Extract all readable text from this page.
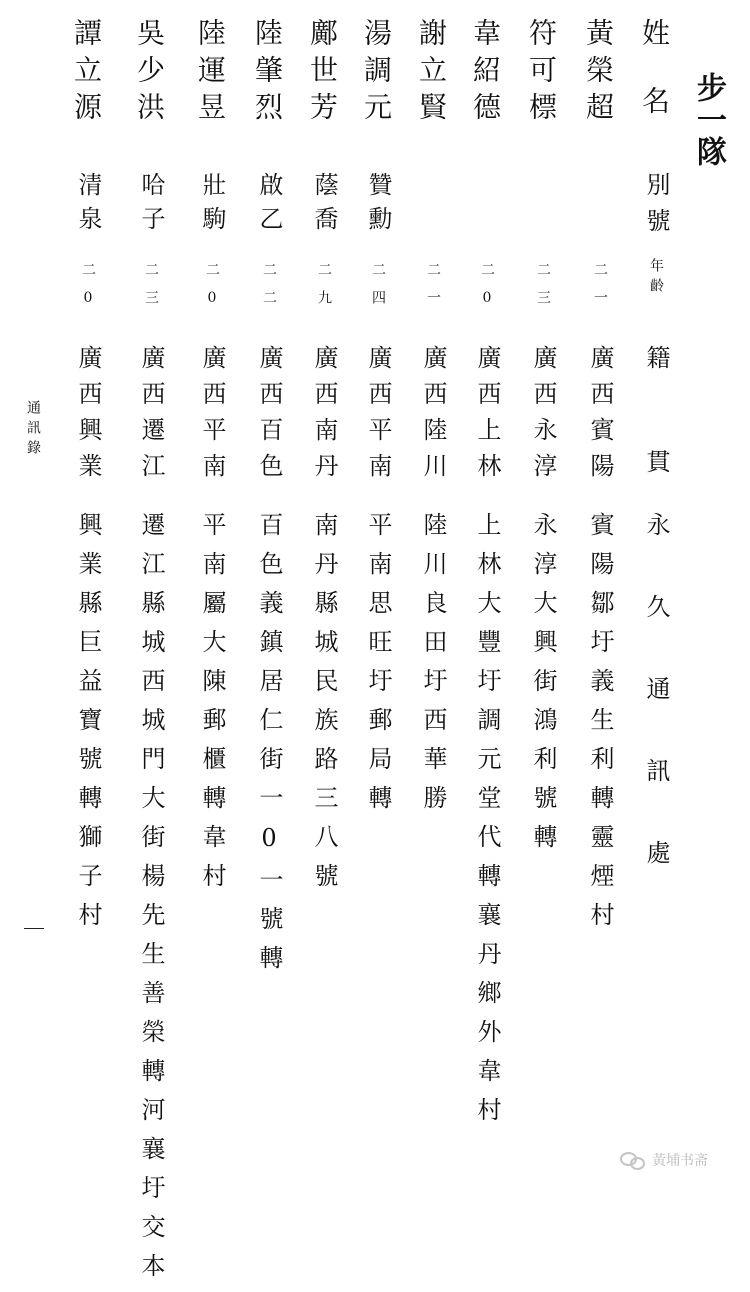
步一隊
姓名
別號
年齡
籍貫
永久通訊處
黃榮超
二一
廣西賓陽
賓陽鄒圩義生利轉靈煙村
符可標
二三
廣西永淳
永淳大興街鴻利號轉
韋紹德
二0
廣西上林
上林大豐圩調元堂代轉襄丹鄉外韋村
謝立賢
二一
廣西陸川
陸川良田圩西華勝
湯調元
贊勳
二四
廣西平南
平南思旺圩郵局轉
鄺世芳
蔭喬
二九
廣西南丹
南丹縣城民族路三八號
陸肇烈
啟乙
二二
廣西百色
百色義鎮居仁街一0一號轉
陸運昱
壯駒
二0
廣西平南
平南屬大陳郵櫃轉韋村
吳少洪
哈子
二三
廣西遷江
遷江縣城西城門大街楊先生善榮轉河襄圩交本
譚立源
清泉
二0
廣西興業
興業縣巨益寶號轉獅子村
通訊錄
黃埔书斋
